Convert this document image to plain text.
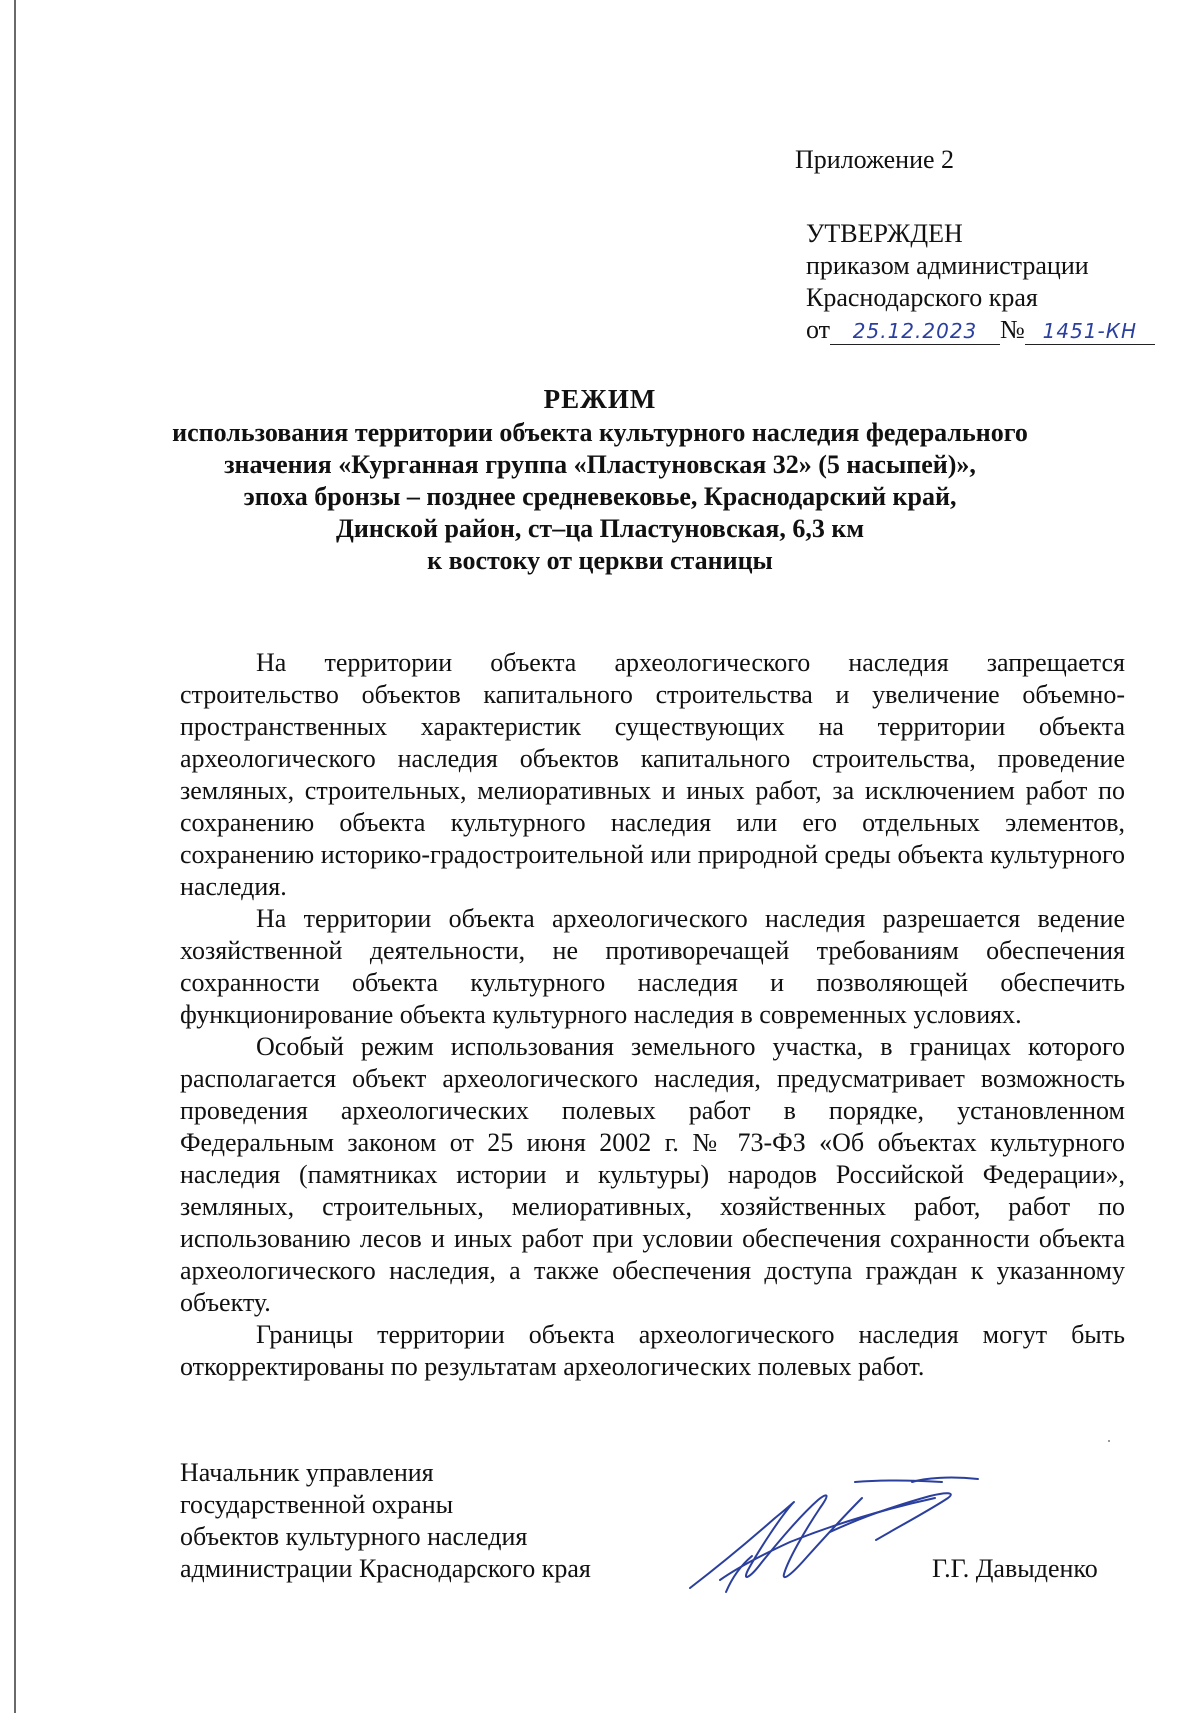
Приложение 2
УТВЕРЖДЕН
приказом администрации
Краснодарского края
от 25.12.2023 № 1451-КН
РЕЖИМ
использования территории объекта культурного наследия федерального
значения «Курганная группа «Пластуновская 32» (5 насыпей)»,
эпоха бронзы – позднее средневековье, Краснодарский край,
Динской район, ст–ца Пластуновская, 6,3 км
к востоку от церкви станицы

На территории объекта археологического наследия запрещается строительство объектов капитального строительства и увеличение объемно-пространственных характеристик существующих на территории объекта археологического наследия объектов капитального строительства, проведение земляных, строительных, мелиоративных и иных работ, за исключением работ по сохранению объекта культурного наследия или его отдельных элементов, сохранению историко-градостроительной или природной среды объекта культурного наследия.

На территории объекта археологического наследия разрешается ведение хозяйственной деятельности, не противоречащей требованиям обеспечения сохранности объекта культурного наследия и позволяющей обеспечить функционирование объекта культурного наследия в современных условиях.

Особый режим использования земельного участка, в границах которого располагается объект археологического наследия, предусматривает возможность проведения археологических полевых работ в порядке, установленном Федеральным законом от 25 июня 2002 г. № 73-ФЗ «Об объектах культурного наследия (памятниках истории и культуры) народов Российской Федерации», земляных, строительных, мелиоративных, хозяйственных работ, работ по использованию лесов и иных работ при условии обеспечения сохранности объекта археологического наследия, а также обеспечения доступа граждан к указанному объекту.

Границы территории объекта археологического наследия могут быть откорректированы по результатам археологических полевых работ.

Начальник управления
государственной охраны
объектов культурного наследия
администрации Краснодарского края	Г.Г. Давыденко
